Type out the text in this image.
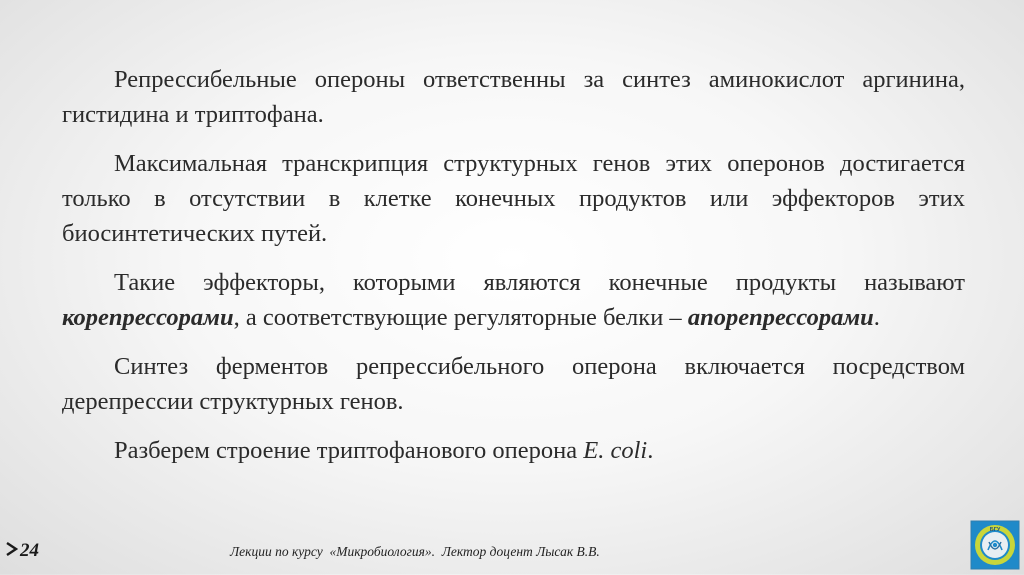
Репрессибельные опероны ответственны за синтез аминокислот аргинина, гистидина и триптофана.

Максимальная транскрипция структурных генов этих оперонов достигается только в отсутствии в клетке конечных продуктов или эффекторов этих биосинтетических путей.

Такие эффекторы, которыми являются конечные продукты называют корепрессорами, а соответствующие регуляторные белки – апорепрессорами.

Синтез ферментов репрессибельного оперона включается посредством дерепрессии структурных генов.

Разберем строение триптофанового оперона E. coli.

24	Лекции по курсу  «Микробиология».  Лектор доцент Лысак В.В.
БГУ
